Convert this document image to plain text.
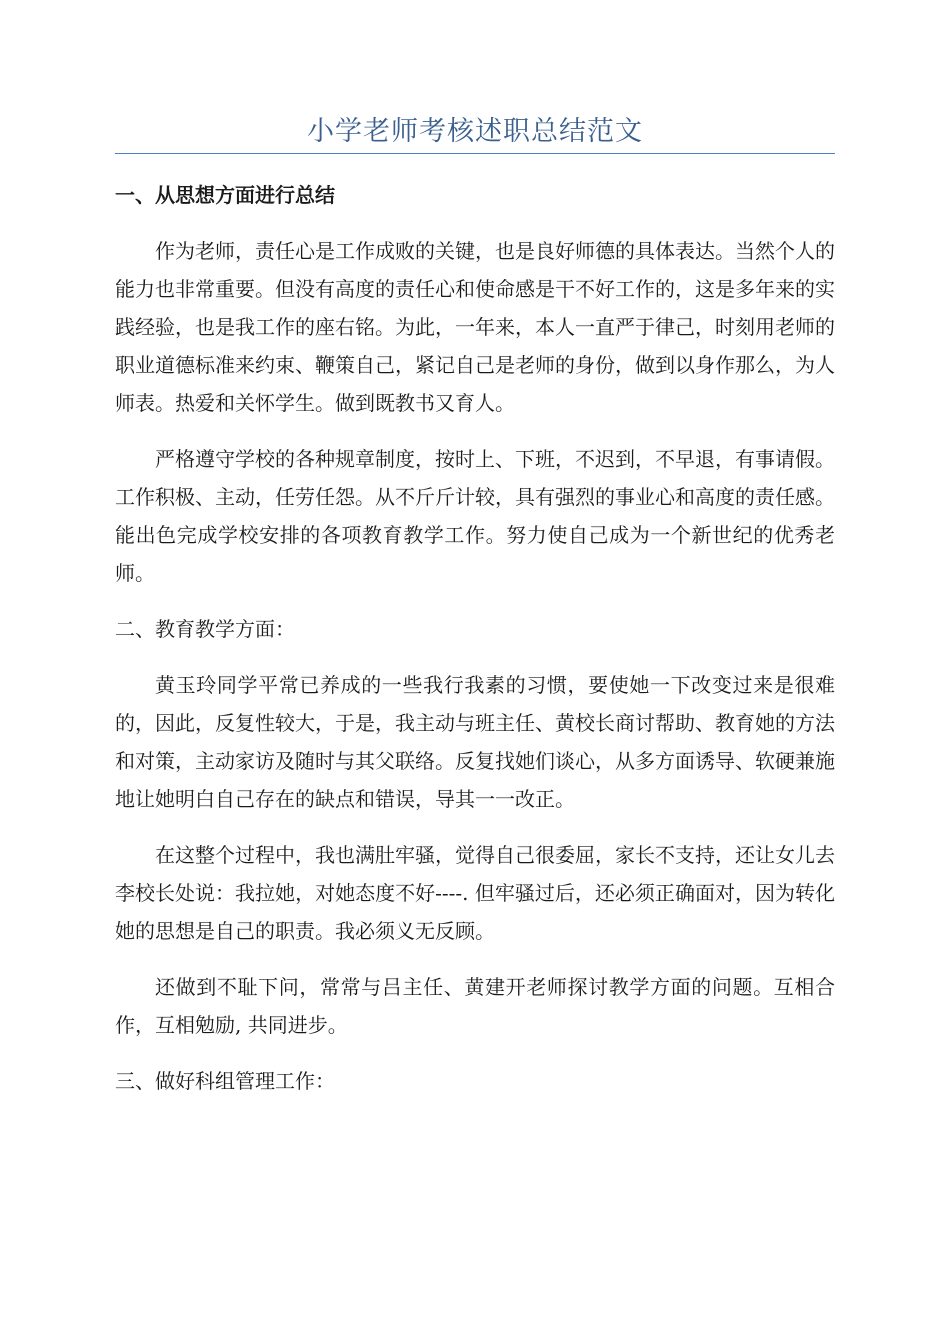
小学老师考核述职总结范文

一、从思想方面进行总结

作为老师，责任心是工作成败的关键，也是良好师德的具体表达。当然个人的能力也非常重要。但没有高度的责任心和使命感是干不好工作的，这是多年来的实践经验，也是我工作的座右铭。为此，一年来，本人一直严于律己，时刻用老师的职业道德标准来约束、鞭策自己，紧记自己是老师的身份，做到以身作那么，为人师表。热爱和关怀学生。做到既教书又育人。

严格遵守学校的各种规章制度，按时上、下班，不迟到，不早退，有事请假。工作积极、主动，任劳任怨。从不斤斤计较，具有强烈的事业心和高度的责任感。能出色完成学校安排的各项教育教学工作。努力使自己成为一个新世纪的优秀老师。

二、教育教学方面：

黄玉玲同学平常已养成的一些我行我素的习惯，要使她一下改变过来是很难的，因此，反复性较大，于是，我主动与班主任、黄校长商讨帮助、教育她的方法和对策，主动家访及随时与其父联络。反复找她们谈心，从多方面诱导、软硬兼施地让她明白自己存在的缺点和错误，导其一一改正。

在这整个过程中，我也满肚牢骚，觉得自己很委屈，家长不支持，还让女儿去李校长处说：我拉她，对她态度不好----. 但牢骚过后，还必须正确面对，因为转化她的思想是自己的职责。我必须义无反顾。

还做到不耻下问，常常与吕主任、黄建开老师探讨教学方面的问题。互相合作，互相勉励, 共同进步。

三、做好科组管理工作：
